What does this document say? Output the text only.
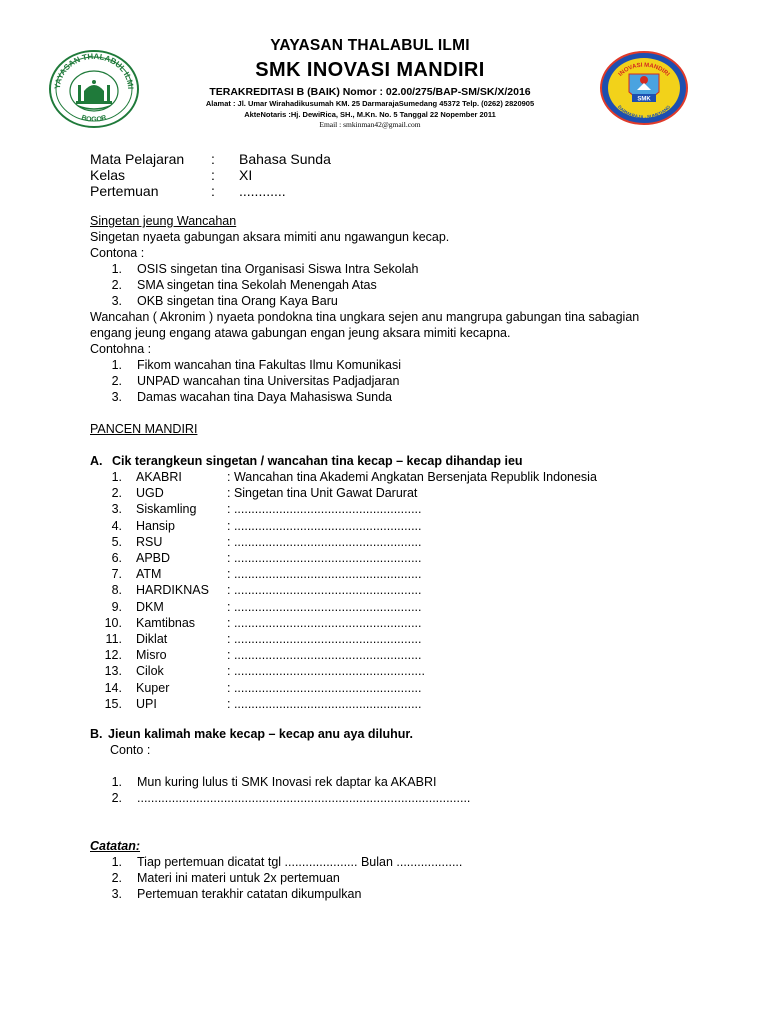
YAYASAN THALABUL ILMI
BOGOR
YAYASAN THALABUL ILMI
SMK INOVASI MANDIRI
TERAKREDITASI B (BAIK) Nomor : 02.00/275/BAP-SM/SK/X/2016
Alamat : Jl. Umar Wirahadikusumah KM. 25 DarmarajaSumedang 45372 Telp. (0262) 2820905
AkteNotaris :Hj. DewiRica, SH., M.Kn. No. 5 Tanggal 22 Nopember 2011
Email : smkinman42@gmail.com
INOVASI MANDIRI
SMK
DARMARAJA - SUMEDANG
Mata Pelajaran : Bahasa Sunda
Kelas	: XI
Pertemuan	: ............
Singetan jeung Wancahan
Singetan nyaeta gabungan aksara mimiti anu ngawangun kecap.
Contona :
1. OSIS singetan tina Organisasi Siswa Intra Sekolah
2. SMA singetan tina Sekolah Menengah Atas
3. OKB singetan tina Orang Kaya Baru
Wancahan ( Akronim ) nyaeta pondokna tina ungkara sejen anu mangrupa gabungan tina sabagian
engang jeung engang atawa gabungan engan jeung aksara mimiti kecapna.
Contohna :
1. Fikom wancahan tina Fakultas Ilmu Komunikasi
2. UNPAD wancahan tina Universitas Padjadjaran
3. Damas wacahan tina Daya Mahasiswa Sunda
PANCEN MANDIRI
A. Cik terangkeun singetan / wancahan tina kecap – kecap dihandap ieu
1. AKABRI	: Wancahan tina Akademi Angkatan Bersenjata Republik Indonesia
2. UGD	: Singetan tina Unit Gawat Darurat
3. Siskamling : ......................................................
4. Hansip	: ......................................................
5. RSU	: ......................................................
6. APBD	: ......................................................
7. ATM	: ......................................................
8. HARDIKNAS : ......................................................
9. DKM	: ......................................................
10. Kamtibnas	: ......................................................
11. Diklat	: ......................................................
12. Misro	: ......................................................
13. Cilok	: .......................................................
14. Kuper	: ......................................................
15. UPI	: ......................................................
B. Jieun kalimah make kecap – kecap anu aya diluhur.
Conto :
1. Mun kuring lulus ti SMK Inovasi rek daptar ka AKABRI
2. ................................................................................................
Catatan:
1. Tiap pertemuan dicatat tgl ..................... Bulan ...................
2. Materi ini materi untuk 2x pertemuan
3. Pertemuan terakhir catatan dikumpulkan
